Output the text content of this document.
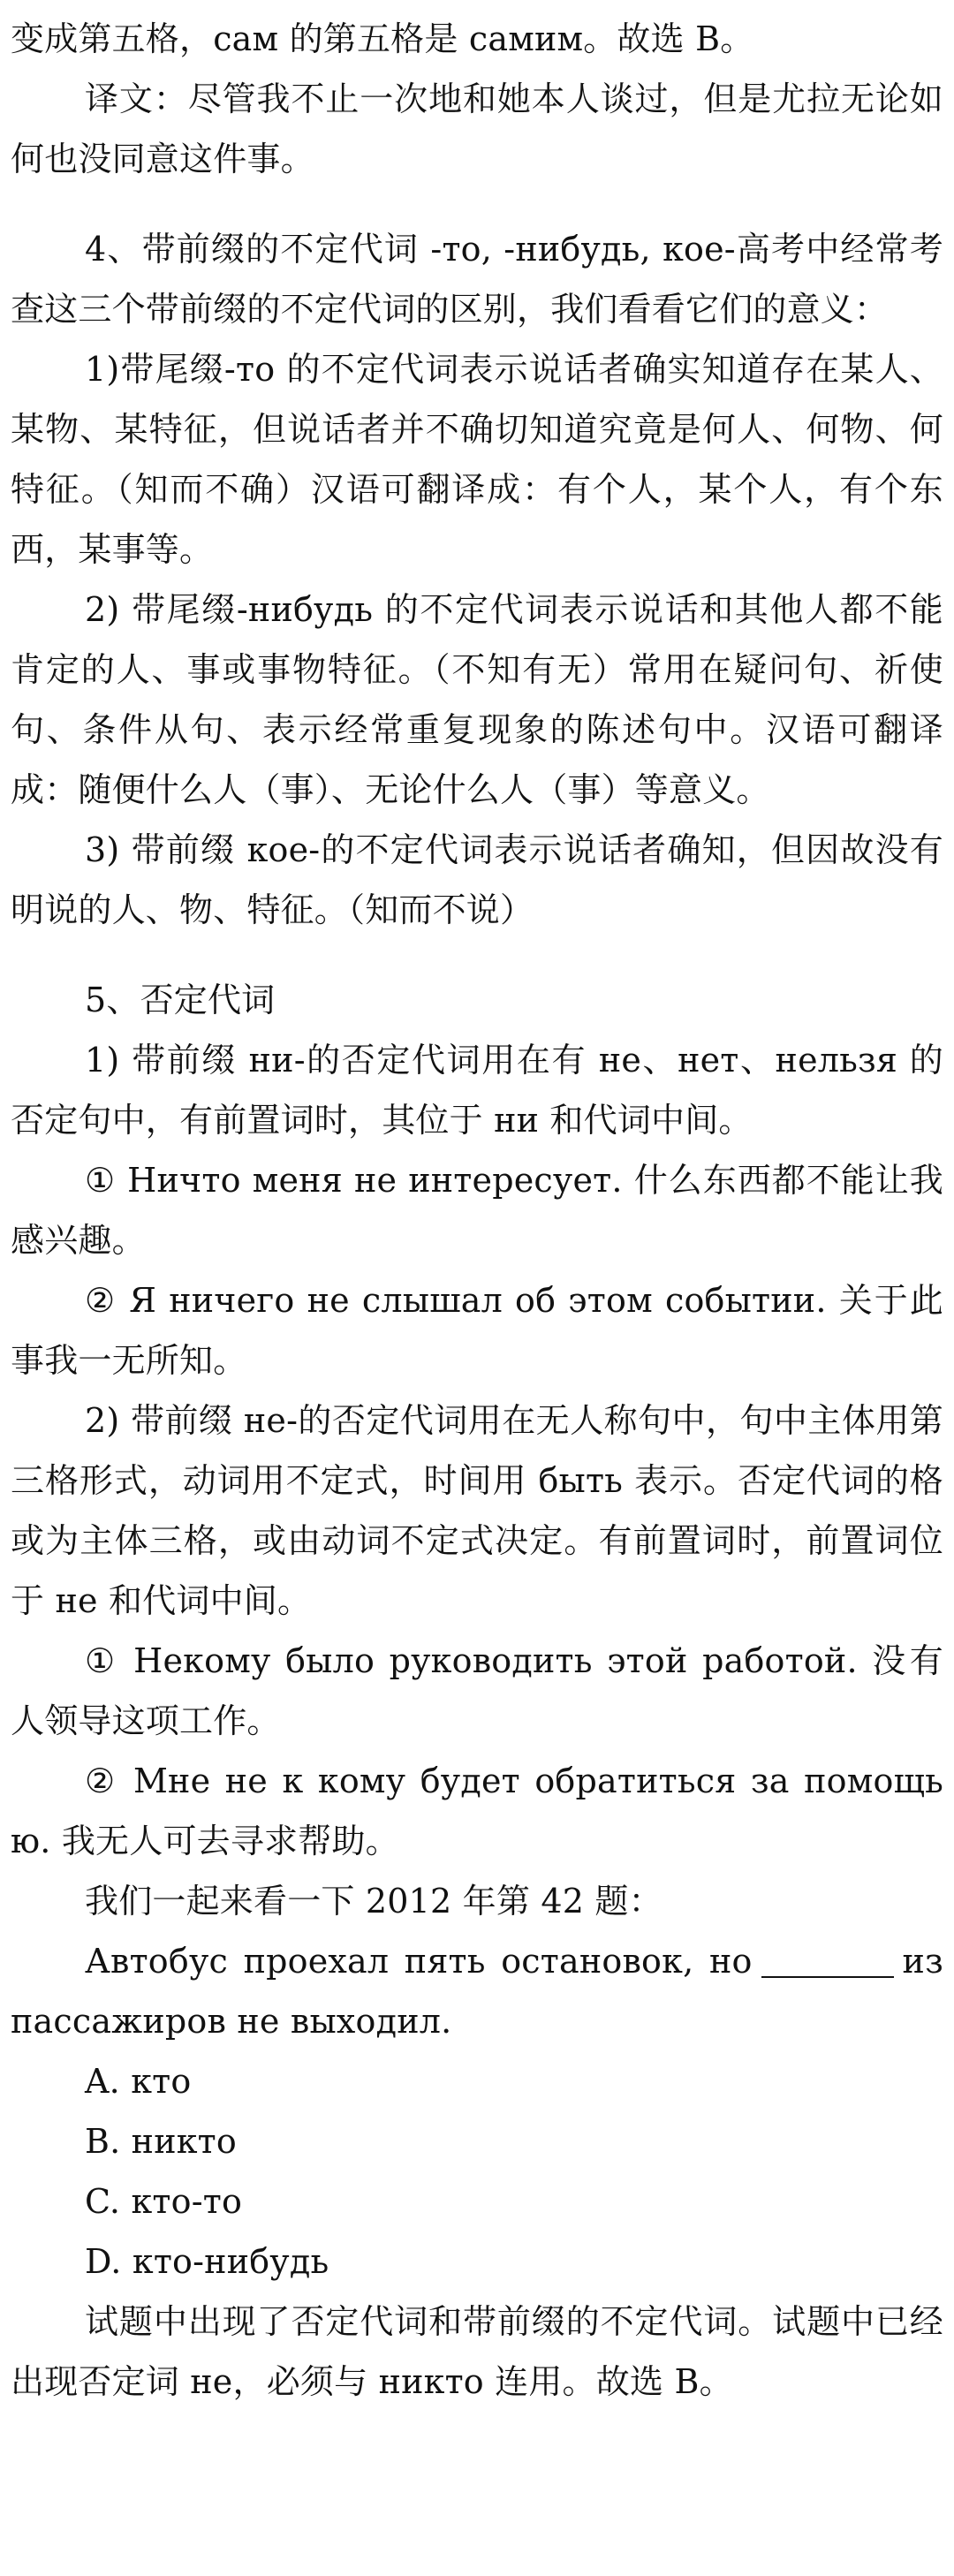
变成第五格，сам 的第五格是 самим。故选 B。

译文：尽管我不止一次地和她本人谈过，但是尤拉无论如何也没同意这件事。

4、带前缀的不定代词 -то, -нибудь, кое-高考中经常考查这三个带前缀的不定代词的区别，我们看看它们的意义：

1)带尾缀-то 的不定代词表示说话者确实知道存在某人、某物、某特征，但说话者并不确切知道究竟是何人、何物、何特征。（知而不确）汉语可翻译成：有个人，某个人，有个东西，某事等。

2) 带尾缀-нибудь 的不定代词表示说话和其他人都不能肯定的人、事或事物特征。（不知有无）常用在疑问句、祈使句、条件从句、表示经常重复现象的陈述句中。汉语可翻译成：随便什么人（事）、无论什么人（事）等意义。

3) 带前缀 кое-的不定代词表示说话者确知，但因故没有明说的人、物、特征。（知而不说）

5、否定代词

1) 带前缀 ни-的否定代词用在有 не、нет、нельзя 的否定句中，有前置词时，其位于 ни 和代词中间。

① Ничто меня не интересует. 什么东西都不能让我感兴趣。

② Я ничего не слышал об этом событии. 关于此事我一无所知。

2) 带前缀 не-的否定代词用在无人称句中，句中主体用第三格形式，动词用不定式，时间用 быть 表示。否定代词的格或为主体三格，或由动词不定式决定。有前置词时，前置词位于 не 和代词中间。

① Некому было руководить этой работой. 没有人领导这项工作。

② Мне не к кому будет обратиться за помощью. 我无人可去寻求帮助。

我们一起来看一下 2012 年第 42 题：

Автобус проехал пять остановок, но	из пассажиров не выходил.

A. кто

B. никто

C. кто-то

D. кто-нибудь

试题中出现了否定代词和带前缀的不定代词。试题中已经出现否定词 не，必须与 никто 连用。故选 B。
